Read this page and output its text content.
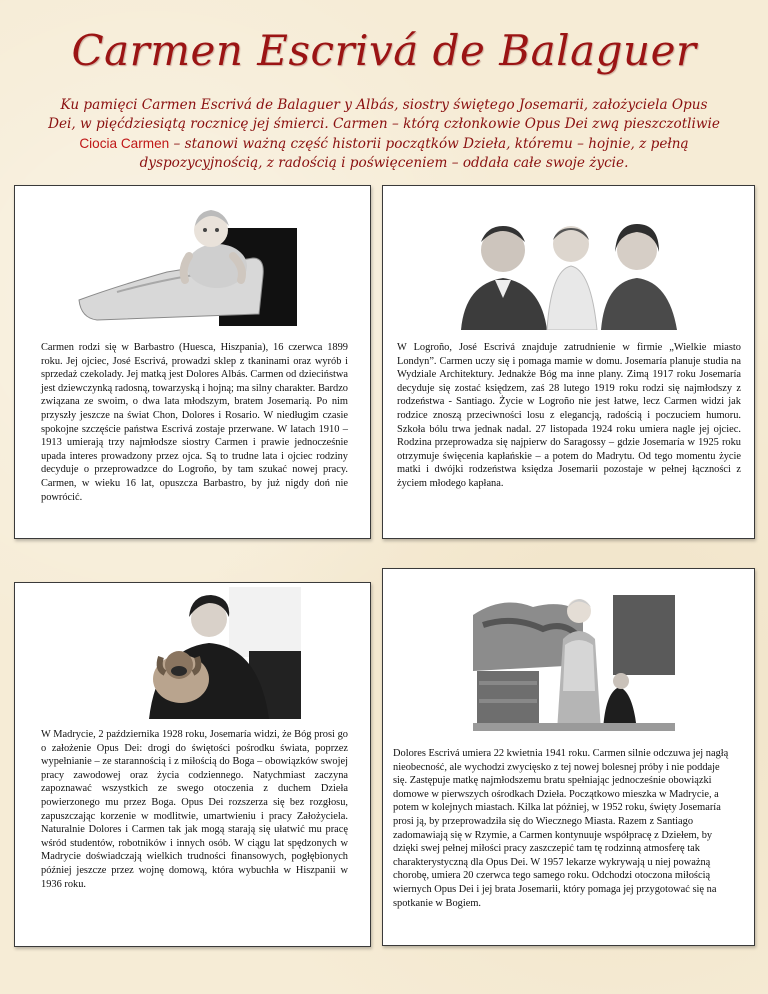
Carmen Escrivá de Balaguer
Ku pamięci Carmen Escrivá de Balaguer y Albás, siostry świętego Josemarii, założyciela Opus Dei, w pięćdziesiątą rocznicę jej śmierci. Carmen – którą członkowie Opus Dei zwą pieszczotliwie Ciocia Carmen – stanowi ważną część historii początków Dzieła, któremu – hojnie, z pełną dyspozycyjnością, z radością i poświęceniem – oddała całe swoje życie.
Carmen rodzi się w Barbastro (Huesca, Hiszpania), 16 czerwca 1899 roku. Jej ojciec, José Escrivá, prowadzi sklep z tkaninami oraz wyrób i sprzedaż czekolady. Jej matką jest Dolores Albás. Carmen od dzieciństwa jest dziewczynką radosną, towarzyską i hojną; ma silny charakter. Bardzo związana ze swoim, o dwa lata młodszym, bratem Josemarią. Po nim przyszły jeszcze na świat Chon, Dolores i Rosario. W niedługim czasie spokojne szczęście państwa Escrivá zostaje przerwane. W latach 1910 – 1913 umierają trzy najmłodsze siostry Carmen i prawie jednocześnie upada interes prowadzony przez ojca. Są to trudne lata i ojciec rodziny decyduje o przeprowadzce do Logroño, by tam szukać nowej pracy. Carmen, w wieku 16 lat, opuszcza Barbastro, by już nigdy doń nie powrócić.
W Logroño, José Escrivá znajduje zatrudnienie w firmie „Wielkie miasto Londyn”. Carmen uczy się i pomaga mamie w domu. Josemaría planuje studia na Wydziale Architektury. Jednakże Bóg ma inne plany. Zimą 1917 roku Josemaría decyduje się zostać księdzem, zaś 28 lutego 1919 roku rodzi się najmłodszy z rodzeństwa - Santiago. Życie w Logroño nie jest łatwe, lecz Carmen widzi jak rodzice znoszą przeciwności losu z elegancją, radością i poczuciem humoru. Szkoła bólu trwa jednak nadal. 27 listopada 1924 roku umiera nagle jej ojciec. Rodzina przeprowadza się najpierw do Saragossy – gdzie Josemaría w 1925 roku otrzymuje święcenia kapłańskie – a potem do Madrytu. Od tego momentu życie matki i dwójki rodzeństwa księdza Josemarii pozostaje w pełnej łączności z życiem młodego kapłana.
W Madrycie, 2 października 1928 roku, Josemaría widzi, że Bóg prosi go o założenie Opus Dei: drogi do świętości pośrodku świata, poprzez wypełnianie – ze starannością i z miłością do Boga – obowiązków swojej pracy zawodowej oraz życia codziennego. Natychmiast zaczyna zapoznawać wszystkich ze swego otoczenia z duchem Dzieła powierzonego mu przez Boga. Opus Dei rozszerza się bez rozgłosu, zapuszczając korzenie w modlitwie, umartwieniu i pracy Założyciela. Naturalnie Dolores i Carmen tak jak mogą starają się ułatwić mu pracę wśród studentów, robotników i innych osób. W ciągu lat spędzonych w Madrycie doświadczają wielkich trudności finansowych, pogłębionych później jeszcze przez wojnę domową, która wybuchła w Hiszpanii w 1936 roku.
Dolores Escrivá umiera 22 kwietnia 1941 roku. Carmen silnie odczuwa jej nagłą nieobecność, ale wychodzi zwycięsko z tej nowej bolesnej próby i nie poddaje się. Zastępuje matkę najmłodszemu bratu spełniając jednocześnie obowiązki domowe w pierwszych ośrodkach Dzieła. Początkowo mieszka w Madrycie, a potem w kolejnych miastach. Kilka lat później, w 1952 roku, święty Josemaría prosi ją, by przeprowadziła się do Wiecznego Miasta. Razem z Santiago zadomawiają się w Rzymie, a Carmen kontynuuje współpracę z Dziełem, by dzięki swej pełnej miłości pracy zaszczepić tam tę rodzinną atmosferę tak charakterystyczną dla Opus Dei. W 1957 lekarze wykrywają u niej poważną chorobę, umiera 20 czerwca tego samego roku. Odchodzi otoczona miłością wiernych Opus Dei i jej brata Josemarii, który pomaga jej przygotować się na spotkanie w Bogiem.
